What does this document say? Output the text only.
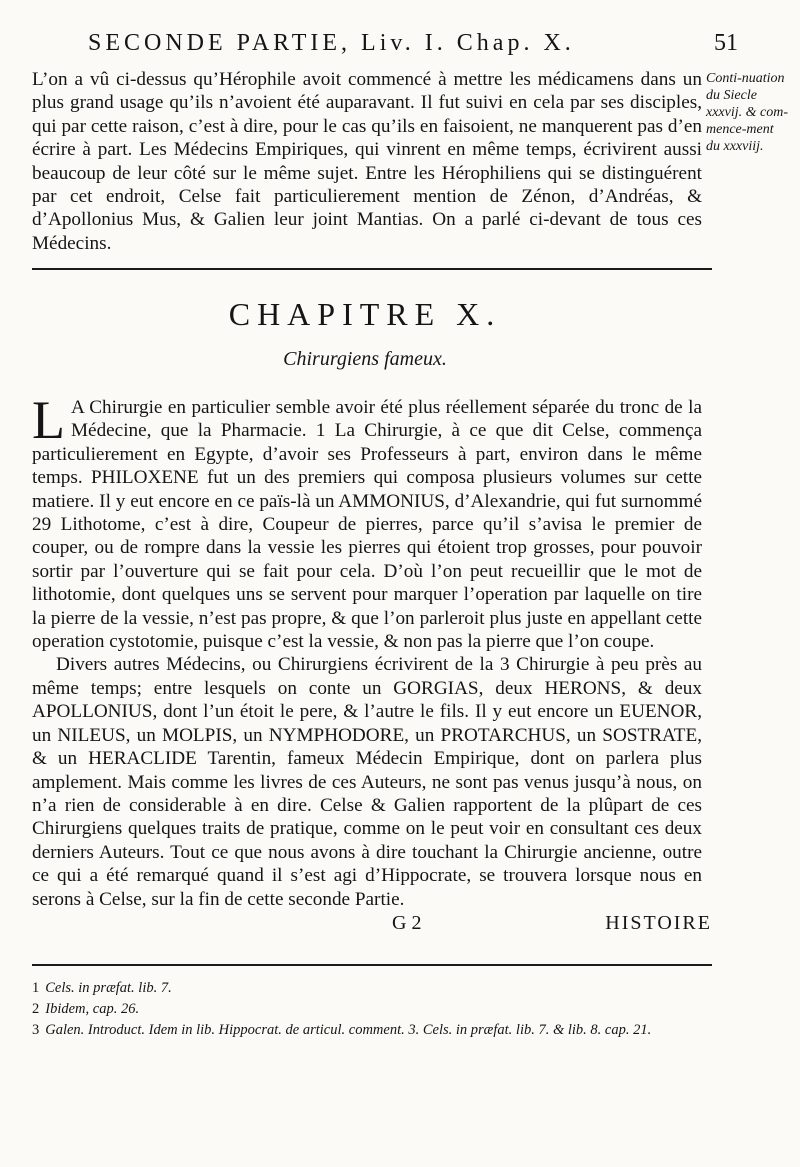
SECONDE PARTIE, Liv. I. Chap. X.	51

L’on a vû ci-dessus qu’Hérophile avoit commencé à mettre les médicamens dans un plus grand usage qu’ils n’avoient été auparavant. Il fut suivi en cela par ses disciples, qui par cette raison, c’est à dire, pour le cas qu’ils en faisoient, ne manquerent pas d’en écrire à part. Les Médecins Empiriques, qui vinrent en même temps, écrivirent aussi beaucoup de leur côté sur le même sujet. Entre les Hérophiliens qui se distinguérent par cet endroit, Celse fait particulierement mention de Zénon, d’Andréas, & d’Apollonius Mus, & Galien leur joint Mantias. On a parlé ci-devant de tous ces Médecins.

Conti-nuation du Siecle xxxvij. & com-mence-ment du xxxviij.
CHAPITRE X.
Chirurgiens fameux.

L A Chirurgie en particulier semble avoir été plus réellement séparée du tronc de la Médecine, que la Pharmacie. 1 La Chirurgie, à ce que dit Celse, commença particulierement en Egypte, d’avoir ses Professeurs à part, environ dans le même temps. PHILOXENE fut un des premiers qui composa plusieurs volumes sur cette matiere. Il y eut encore en ce païs-là un AMMONIUS, d’Alexandrie, qui fut surnommé 29 Lithotome, c’est à dire, Coupeur de pierres, parce qu’il s’avisa le premier de couper, ou de rompre dans la vessie les pierres qui étoient trop grosses, pour pouvoir sortir par l’ouverture qui se fait pour cela. D’où l’on peut recueillir que le mot de lithotomie, dont quelques uns se servent pour marquer l’operation par laquelle on tire la pierre de la vessie, n’est pas propre, & que l’on parleroit plus juste en appellant cette operation cystotomie, puisque c’est la vessie, & non pas la pierre que l’on coupe.

Divers autres Médecins, ou Chirurgiens écrivirent de la 3 Chirurgie à peu près au même temps; entre lesquels on conte un GORGIAS, deux HERONS, & deux APOLLONIUS, dont l’un étoit le pere, & l’autre le fils. Il y eut encore un EUENOR, un NILEUS, un MOLPIS, un NYMPHODORE, un PROTARCHUS, un SOSTRATE, & un HERACLIDE Tarentin, fameux Médecin Empirique, dont on parlera plus amplement. Mais comme les livres de ces Auteurs, ne sont pas venus jusqu’à nous, on n’a rien de considerable à en dire. Celse & Galien rapportent de la plûpart de ces Chirurgiens quelques traits de pratique, comme on le peut voir en consultant ces deux derniers Auteurs. Tout ce que nous avons à dire touchant la Chirurgie ancienne, outre ce qui a été remarqué quand il s’est agi d’Hippocrate, se trouvera lorsque nous en serons à Celse, sur la fin de cette seconde Partie.

G 2	HISTOIRE
1 Cels. in præfat. lib. 7.
2 Ibidem, cap. 26.
3 Galen. Introduct. Idem in lib. Hippocrat. de articul. comment. 3. Cels. in præfat. lib. 7. & lib. 8. cap. 21.
